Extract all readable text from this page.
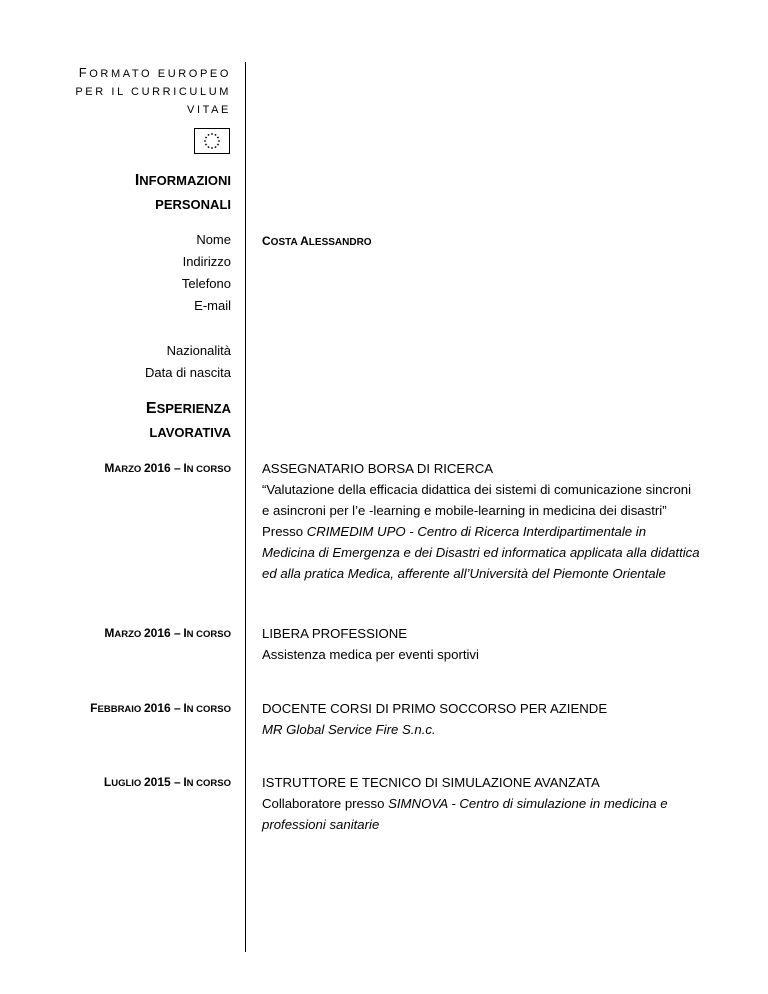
FORMATO EUROPEO
PER IL CURRICULUM
VITAE
INFORMAZIONI
PERSONALI
Nome
Indirizzo
Telefono
E-mail
Nazionalità
Data di nascita
COSTA ALESSANDRO
ESPERIENZA
LAVORATIVA
MARZO 2016 – IN CORSO ASSEGNATARIO BORSA DI RICERCA
“Valutazione della efficacia didattica dei sistemi di comunicazione sincroni e asincroni per l’e -learning e mobile-learning in medicina dei disastri”
Presso CRIMEDIM UPO - Centro di Ricerca Interdipartimentale in Medicina di Emergenza e dei Disastri ed informatica applicata alla didattica ed alla pratica Medica, afferente all’Università del Piemonte Orientale
MARZO 2016 – IN CORSO LIBERA PROFESSIONE
Assistenza medica per eventi sportivi
FEBBRAIO 2016 – IN CORSO DOCENTE CORSI DI PRIMO SOCCORSO PER AZIENDE
MR Global Service Fire S.n.c.
LUGLIO 2015 – IN CORSO ISTRUTTORE E TECNICO DI SIMULAZIONE AVANZATA
Collaboratore presso SIMNOVA - Centro di simulazione in medicina e professioni sanitarie
